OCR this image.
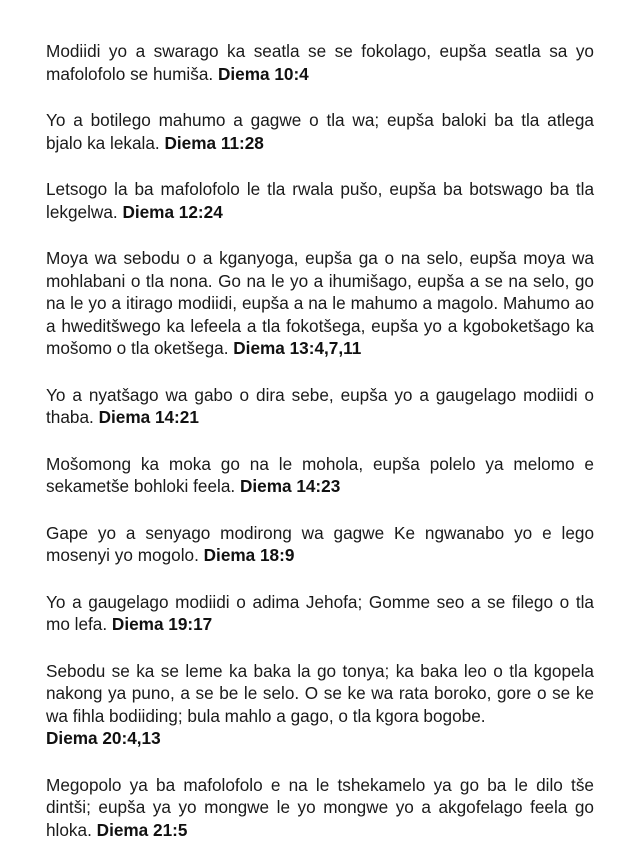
Modiidi yo a swarago ka seatla se se fokolago, eupša seatla sa yo mafolofolo se humiša. Diema 10:4

Yo a botilego mahumo a gagwe o tla wa; eupša baloki ba tla atlega bjalo ka lekala. Diema 11:28

Letsogo la ba mafolofolo le tla rwala pušo, eupša ba botswago ba tla lekgelwa. Diema 12:24

Moya wa sebodu o a kganyoga, eupša ga o na selo, eupša moya wa mohlabani o tla nona. Go na le yo a ihumišago, eupša a se na selo, go na le yo a itirago modiidi, eupša a na le mahumo a magolo. Mahumo ao a hweditšwego ka lefeela a tla fokotšega, eupša yo a kgoboketšago ka mošomo o tla oketšega. Diema 13:4,7,11

Yo a nyatšago wa gabo o dira sebe, eupša yo a gaugelago modiidi o thaba. Diema 14:21

Mošomong ka moka go na le mohola, eupša polelo ya melomo e sekametše bohloki feela. Diema 14:23

Gape yo a senyago modirong wa gagwe Ke ngwanabo yo e lego mosenyi yo mogolo. Diema 18:9

Yo a gaugelago modiidi o adima Jehofa; Gomme seo a se filego o tla mo lefa. Diema 19:17

Sebodu se ka se leme ka baka la go tonya; ka baka leo o tla kgopela nakong ya puno, a se be le selo. O se ke wa rata boroko, gore o se ke wa fihla bodiiding; bula mahlo a gago, o tla kgora bogobe.
Diema 20:4,13

Megopolo ya ba mafolofolo e na le tshekamelo ya go ba le dilo tše dintši; eupša ya yo mongwe le yo mongwe yo a akgofelago feela go hloka. Diema 21:5
